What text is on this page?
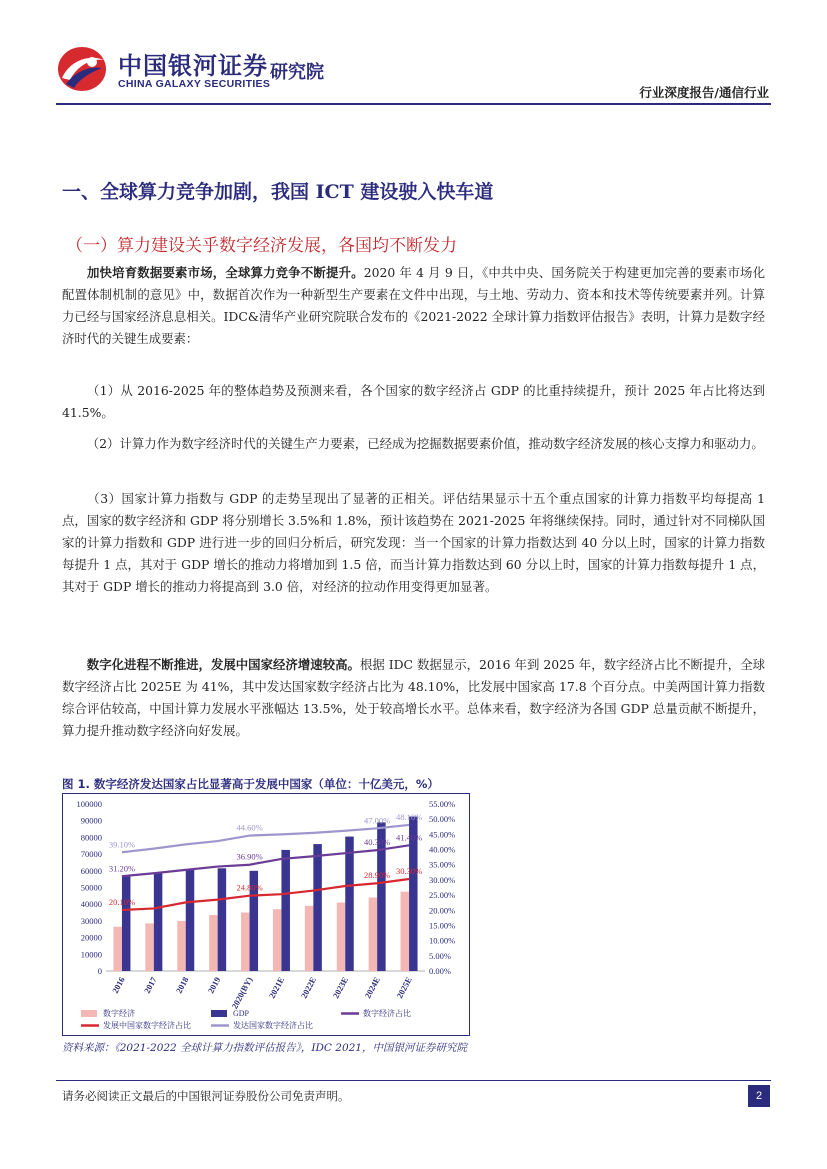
中国银河证券
CHINA GALAXY SECURITIES
研究院
行业深度报告/通信行业
一、全球算力竞争加剧，我国 ICT 建设驶入快车道
（一）算力建设关乎数字经济发展，各国均不断发力
  加快培育数据要素市场，全球算力竞争不断提升。2020 年 4 月 9 日，《中共中央、国务院关于构建更加完善的要素市场化配置体制机制的意见》中，数据首次作为一种新型生产要素在文件中出现，与土地、劳动力、资本和技术等传统要素并列。计算力已经与国家经济息息相关。IDC&清华产业研究院联合发布的《2021-2022 全球计算力指数评估报告》表明，计算力是数字经济时代的关键生成要素：
  （1）从 2016-2025 年的整体趋势及预测来看，各个国家的数字经济占 GDP 的比重持续提升，预计 2025 年占比将达到 41.5%。
  （2）计算力作为数字经济时代的关键生产力要素，已经成为挖掘数据要素价值，推动数字经济发展的核心支撑力和驱动力。
  （3）国家计算力指数与 GDP 的走势呈现出了显著的正相关。评估结果显示十五个重点国家的计算力指数平均每提高 1 点，国家的数字经济和 GDP 将分别增长 3.5%和 1.8%，预计该趋势在 2021-2025 年将继续保持。同时，通过针对不同梯队国家的计算力指数和 GDP 进行进一步的回归分析后，研究发现：当一个国家的计算力指数达到 40 分以上时，国家的计算力指数每提升 1 点，其对于 GDP 增长的推动力将增加到 1.5 倍，而当计算力指数达到 60 分以上时，国家的计算力指数每提升 1 点，其对于 GDP 增长的推动力将提高到 3.0 倍，对经济的拉动作用变得更加显著。
  数字化进程不断推进，发展中国家经济增速较高。根据 IDC 数据显示，2016 年到 2025 年，数字经济占比不断提升，全球数字经济占比 2025E 为 41%，其中发达国家数字经济占比为 48.10%，比发展中国家高 17.8 个百分点。中美两国计算力指数综合评估较高，中国计算力发展水平涨幅达 13.5%，处于较高增长水平。总体来看，数字经济为各国 GDP 总量贡献不断提升，算力提升推动数字经济向好发展。
图 1. 数字经济发达国家占比显著高于发展中国家（单位：十亿美元，%）
0
10000
20000
30000
40000
50000
60000
70000
80000
90000
100000
0.00%
5.00%
10.00%
15.00%
20.00%
25.00%
30.00%
35.00%
40.00%
45.00%
50.00%
55.00%
39.10%
44.60%
47.00% 48.10%
31.20%
36.90%
40.30% 41.40%
20.10%
24.80%
28.90% 30.30%
2016 2017 2018 2019 2020(BY) 2021E 2022E 2023E 2024E 2025E
数字经济	GDP	数字经济占比
发展中国家数字经济占比	发达国家数字经济占比
资料来源：《2021-2022 全球计算力指数评估报告》，IDC 2021，中国银河证券研究院
请务必阅读正文最后的中国银河证券股份公司免责声明。	2
